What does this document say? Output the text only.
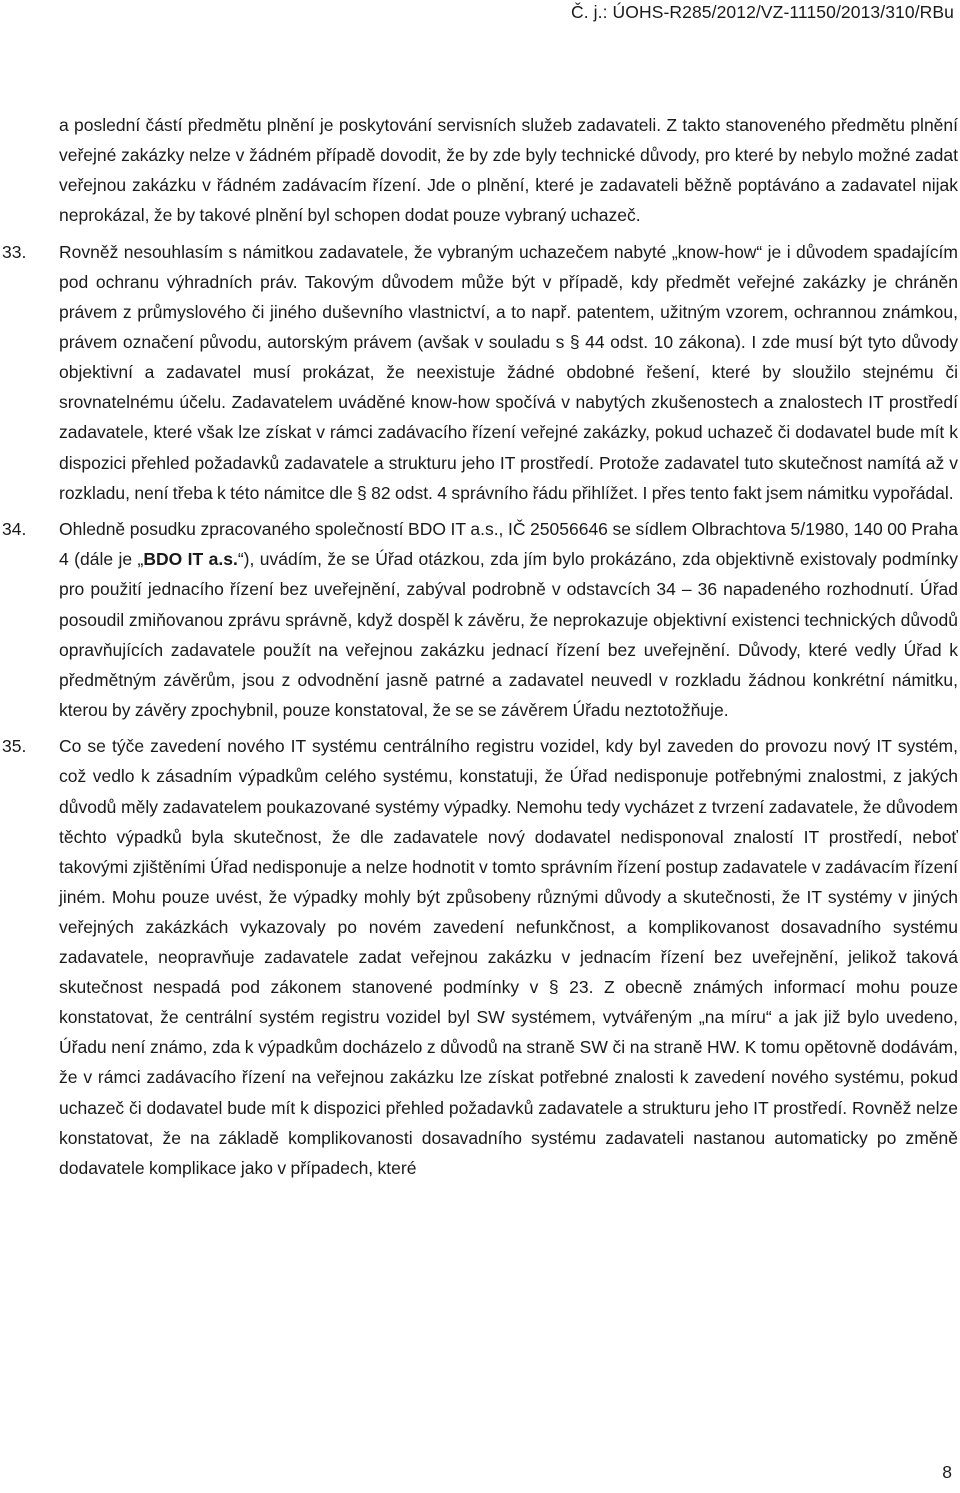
Č. j.: ÚOHS-R285/2012/VZ-11150/2013/310/RBu

a poslední částí předmětu plnění je poskytování servisních služeb zadavateli. Z takto stanoveného předmětu plnění veřejné zakázky nelze v žádném případě dovodit, že by zde byly technické důvody, pro které by nebylo možné zadat veřejnou zakázku v řádném zadávacím řízení. Jde o plnění, které je zadavateli běžně poptáváno a zadavatel nijak neprokázal, že by takové plnění byl schopen dodat pouze vybraný uchazeč.

33.	Rovněž nesouhlasím s námitkou zadavatele, že vybraným uchazečem nabyté „know-how“ je i důvodem spadajícím pod ochranu výhradních práv. Takovým důvodem může být v případě, kdy předmět veřejné zakázky je chráněn právem z průmyslového či jiného duševního vlastnictví, a to např. patentem, užitným vzorem, ochrannou známkou, právem označení původu, autorským právem (avšak v souladu s § 44 odst. 10 zákona). I zde musí být tyto důvody objektivní a zadavatel musí prokázat, že neexistuje žádné obdobné řešení, které by sloužilo stejnému či srovnatelnému účelu. Zadavatelem uváděné know-how spočívá v nabytých zkušenostech a znalostech IT prostředí zadavatele, které však lze získat v rámci zadávacího řízení veřejné zakázky, pokud uchazeč či dodavatel bude mít k dispozici přehled požadavků zadavatele a strukturu jeho IT prostředí. Protože zadavatel tuto skutečnost namítá až v rozkladu, není třeba k této námitce dle § 82 odst. 4 správního řádu přihlížet. I přes tento fakt jsem námitku vypořádal.

34.	Ohledně posudku zpracovaného společností BDO IT a.s., IČ 25056646 se sídlem Olbrachtova 5/1980, 140 00 Praha 4 (dále je „BDO IT a.s.“), uvádím, že se Úřad otázkou, zda jím bylo prokázáno, zda objektivně existovaly podmínky pro použití jednacího řízení bez uveřejnění, zabýval podrobně v odstavcích 34 – 36 napadeného rozhodnutí. Úřad posoudil zmiňovanou zprávu správně, když dospěl k závěru, že neprokazuje objektivní existenci technických důvodů opravňujících zadavatele použít na veřejnou zakázku jednací řízení bez uveřejnění. Důvody, které vedly Úřad k předmětným závěrům, jsou z odvodnění jasně patrné a zadavatel neuvedl v rozkladu žádnou konkrétní námitku, kterou by závěry zpochybnil, pouze konstatoval, že se se závěrem Úřadu neztotožňuje.

35.	Co se týče zavedení nového IT systému centrálního registru vozidel, kdy byl zaveden do provozu nový IT systém, což vedlo k zásadním výpadkům celého systému, konstatuji, že Úřad nedisponuje potřebnými znalostmi, z jakých důvodů měly zadavatelem poukazované systémy výpadky. Nemohu tedy vycházet z tvrzení zadavatele, že důvodem těchto výpadků byla skutečnost, že dle zadavatele nový dodavatel nedisponoval znalostí IT prostředí, neboť takovými zjištěními Úřad nedisponuje a nelze hodnotit v tomto správním řízení postup zadavatele v zadávacím řízení jiném. Mohu pouze uvést, že výpadky mohly být způsobeny různými důvody a skutečnosti, že IT systémy v jiných veřejných zakázkách vykazovaly po novém zavedení nefunkčnost, a komplikovanost dosavadního systému zadavatele, neopravňuje zadavatele zadat veřejnou zakázku v jednacím řízení bez uveřejnění, jelikož taková skutečnost nespadá pod zákonem stanovené podmínky v § 23. Z obecně známých informací mohu pouze konstatovat, že centrální systém registru vozidel byl SW systémem, vytvářeným „na míru“ a jak již bylo uvedeno, Úřadu není známo, zda k výpadkům docházelo z důvodů na straně SW či na straně HW. K tomu opětovně dodávám, že v rámci zadávacího řízení na veřejnou zakázku lze získat potřebné znalosti k zavedení nového systému, pokud uchazeč či dodavatel bude mít k dispozici přehled požadavků zadavatele a strukturu jeho IT prostředí. Rovněž nelze konstatovat, že na základě komplikovanosti dosavadního systému zadavateli nastanou automaticky po změně dodavatele komplikace jako v případech, které

8
